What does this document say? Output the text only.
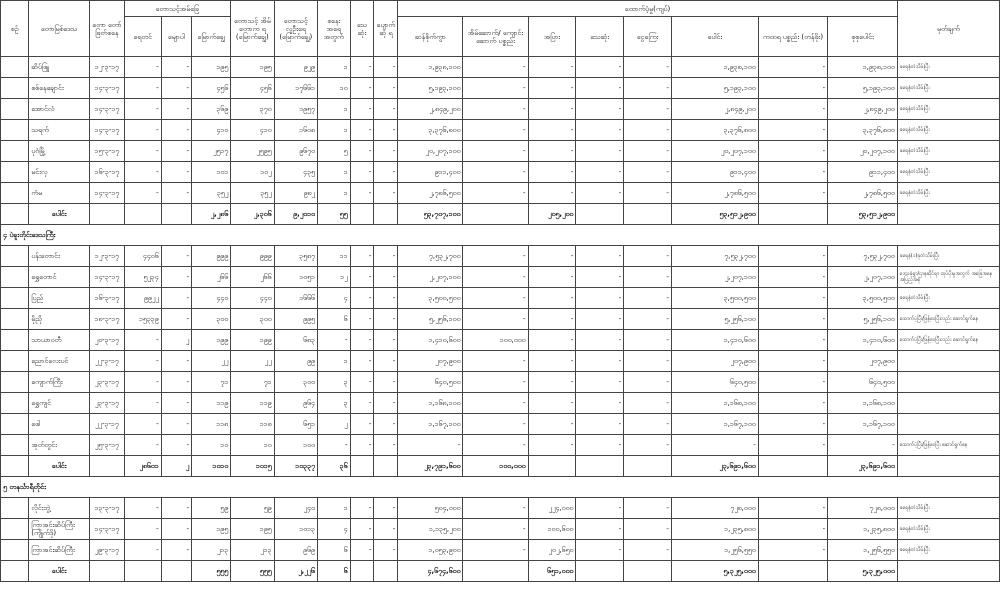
စဉ်	တောမြစ်ဒေသ	တော တော် ဖြတ်စနေ	တောသင့်အမ်ခြေ			တောသင့် အိမ် တောက ရ (မြောက်ချွေ)	တောသင့် လူဦးရေ (မြောက်ချွေ)	စနေး အရေ အတွက်	သေ ဆုံး	ပျောက် ဆုံ ရ	ထောက်ပံ့မှု(ကျပ်)								မှတ်ချက်
			ရေတင်	မျောပါ	မြောက်ချွေ						ဆန်စိုက်ကွာ	အိမ်ဆောက်/ ကျောင်းဆောက် ပစ္စည်း	အပြား	သေဆုံး	ငွေကြေး	ပေါင်း	ကထရ ပစ္စည်း (တန်ဖိုး)	စုစုပေါင်း	
	ဆိပ်ဖြူ	၁၂-၃-၁၇	-	-	၁၉၅	၁၉၅	၉၂၉	၁	-	-	၁,၉၃၈,၁၀၀	-	-	-	-	၁,၉၃၈,၁၀၀	-	၁,၉၃၈,၁၀၀	ခရေနံတံသိမ်းပြီး
	စစ်နေချောင်း	၁၄-၃-၁၇	-	-	၄၅၆	၄၅၆	၁၇၆၆၁	၁၀	-	-	၅,၁၉၃,၁၀၀	-	-	-	-	၅,၁၉၃,၁၀၀	-	၅,၁၉၃,၁၀၀	ခရေနံတံသိမ်းပြီး
	အောင်လံ	၁၄-၃-၁၇	-	-	၃၆၉	၃၇၀	၁၉၅၇	၁	-	-	၂,၈၄၉,၂၀၀	-	-	-	-	၂,၈၄၉,၂၀၀	-	၂,၈၄၉,၂၀၀	ခရေနံတံသိမ်းပြီး
	သရက်	၁၄-၃-၁၇	-	-	၄၁၀	၄၁၀	၁၆၀၈	၁	-	-	၃,၃၇၆,၈၀၀	-	-	-	-	၃,၃၇၆,၈၀၀	-	၃,၃၇၆,၈၀၀	ခရေနံတံသိမ်းပြီး
	ပုဂံမြို့	၁၅-၃-၁၇	-	-	၂၅၁၇	၂၅၉၅	၉၆၇၀	၅	-	-	၂၀,၂၀၇,၁၀၀	-	-	-	-	၂၀,၂၀၇,၁၀၀	-	၂၀,၂၀၇,၁၀၀	ခရေနံတံသိမ်းပြီး
	မင်းလှ	၁၆-၃-၁၇	-	-	၁၀၁	၁၀၂	၄၃၅	၁	-	-	၉၁၁,၄၀၀	-	-	-	-	၉၁၁,၄၀၀	-	၉၁၁,၄၀၀	ခရေနံတံသိမ်းပြီး
	ကံမ	၁၄-၃-၁၇	-	-	၃၅၂	၃၅၂	၉၈၂	၁	-	-	၂,၇၈၆,၅၀၀	-	-	-	-	၂,၇၈၆,၅၀၀	-	၂,၇၈၆,၅၀၀	ခရေနံတံသိမ်းပြီး
	ပေါင်း				၂,၂၈၆	၂,၃၀၆	၉,၂၀၁၀	၅၅			၅၃,၇၀၇,၁၀၀		၂၀၅,၂၀၀			၅၃,၅၁၂,၉၀၀		၅၃,၅၁၂,၉၀၀	
၄ ပဲခူးတိုင်းဒေသကြီး																			
	ပန်းတောင်း	၁၂-၃-၁၇	၄၄၀၆	-	၉၉၉	၉၉၉	၃၅၈၇	၁၁	-	-	၇,၅၃၂,၇၀၀	-	-	-	-	၇,၅၃၂,၇၀၀	-	၇,၅၃၂,၇၀၀	ခရေနံ(၁)ခုတံသိမ်းပြီး
	ရွှေတောင်	၁၄-၃-၁၇	၅၂၃၄	-	၂၆၆	၂၆၆	၁၀၅၁	၁၂	-	-	၂,၂၀၇,၁၀၀	-	-	-	-	၂,၂၀၇,၁၀၀	-	၂,၂၀၇,၁၀၀	ဒေသခံရွာ/ဌာနဆိုင်ရာ ထုပ်ပိုးမှုအတွက် အခြေအနေအပြည့်အစုံ
	ပြည်	၁၆-၃-၁၇	၉၉၂၂	-	၄၄၀	၄၄၀	၁၆၆၆	၄	-	-	၃,၅၀၀,၅၀၀	-	-	-	-	၃,၅၀၀,၅၀၀	-	၃,၅၀၀,၅၀၀	ခရေနံတံသိမ်းပြီး
	မိုညို	၁၈-၃-၁၇	၁၅၃၃၉	-	၃၀၀	၃၀၀	၉၉၅	၆	-	-	၅,၂၅၆,၁၀၀	-	-	-	-	၅,၂၅၆,၁၀၀	-	၅,၂၅၆,၁၀၀	ထောက်ပံ့ပြီး/ဖြန့်ဝေပြီးလည်း ဆောင်ရွက်နေ
	သာယာဝတီ	၂၀-၃-၁၇	-	၂	၁၉၉	၁၉၉	၆၈၃	-	-	-	၁,၄၁၀,၆၀၀	၁၀၀,၀၀၀	-	-	-	၁,၄၁၀,၆၀၀	-	၁,၄၁၀,၆၀၀	ထောက်ပံ့ပြီး/ဖြန့်ဝေပြီးလည်း ဆောင်ရွက်နေ
	ညောင်လေးပင်	၂၂-၃-၁၇	-	-	၂၂	၂၂	၉၉	၁	-	-	၂၀၇,၉၀၀	-	-	-	-	၂၀၇,၉၀၀	-	၂၀၇,၉၀၀	
	ကျောက်ကြီး	၂၃-၃-၁၇	-	-	၇၁	၇၁	၃၀၀	၃	-	-	၆၄၀,၅၀၀	-	-	-	-	၆၄၀,၅၀၀	-	၆၄၀,၅၀၀	
	ရွှေကျင်	၂၃-၃-၁၇	-	-	၁၁၉	၁၁၉	၉၆၄	၃	-	-	၁,၁၆၈,၁၀၀	-	-	-	-	၁,၁၆၈,၁၀၀	-	၁,၁၆၈,၁၀၀	
	ဖေါ	၂၂-၃-၁၇	-	-	၁၁၈	၁၁၈	၆၅၁	၂	-	-	၁,၁၆၇,၁၀၀	-	-	-	-	၁,၁၆၇,၁၀၀	-	၁,၁၆၇,၁၀၀	
	အုတ်တွင်း	၂၅-၃-၁၇	-	-	၁၀	၁၀	၁၀၀	-	-	-	-	-	-	-	-	-	-	-	ထောက်ပံ့ပြီး/ဖြန့်ဝေပြီး ဆောင်ရွက်နေ
	ပေါင်း		၂၈၆၀၁	၂	၁၀၁၀	၁၀၁၅	၁၀၃၃၇	၃၆			၂၃,၇၉၁,၆၀၀	၁၀၀,၀၀၀				၂၃,၆၉၁,၆၀၀		၂၃,၆၉၁,၆၀၀	
၅ တနင်္သာရီတိုင်း																			
	လိုင်းဘွဲ့	၁၃-၃-၁၇	-	-	၅၉	၅၉	၂၄၀	၁	-	-	၅၀၄,၀၀၀	-	၂၂၄,၀၀၀	-	-	၇၂၈,၀၀၀	-	၇၂၈,၀၀၀	ခရေနံတံသိမ်းပြီး
	ကြာအင်းဆိပ်ကြီး (ကျိုက်ဒို)	၁၄-၃-၁၇	-	-	၁၉၅	၁၉၅	၁၀၁၃	၄	-	-	၁,၁၃၅,၂၀၀	-	၁၀၀,၆၀၀	-	-	၁,၂၃၅,၈၀၀	-	၁,၂၃၅,၈၀၀	ခရေနံတံသိမ်းပြီး
	ကြာအင်းဆိပ်ကြီး	၂၉-၃-၁၇	-	-	၂၁၃	၂၁၃	၉၆၉	၆	-	-	၁,၀၅၃,၉၀၀	-	၂၀၂,၆၅၀	-	-	၁,၂၅၆,၅၅၀	-	၁,၂၅၆,၅၅၀	ခရေနံတံသိမ်းပြီး
	ပေါင်း				၅၅၅	၅၅၅	၂,၂၂၆	၆			၄,၆၇၄,၆၀၀		၆၅၁,၀၀၀			၅,၃၂၅,၀၀၀		၅,၃၂၅,၀၀၀	
